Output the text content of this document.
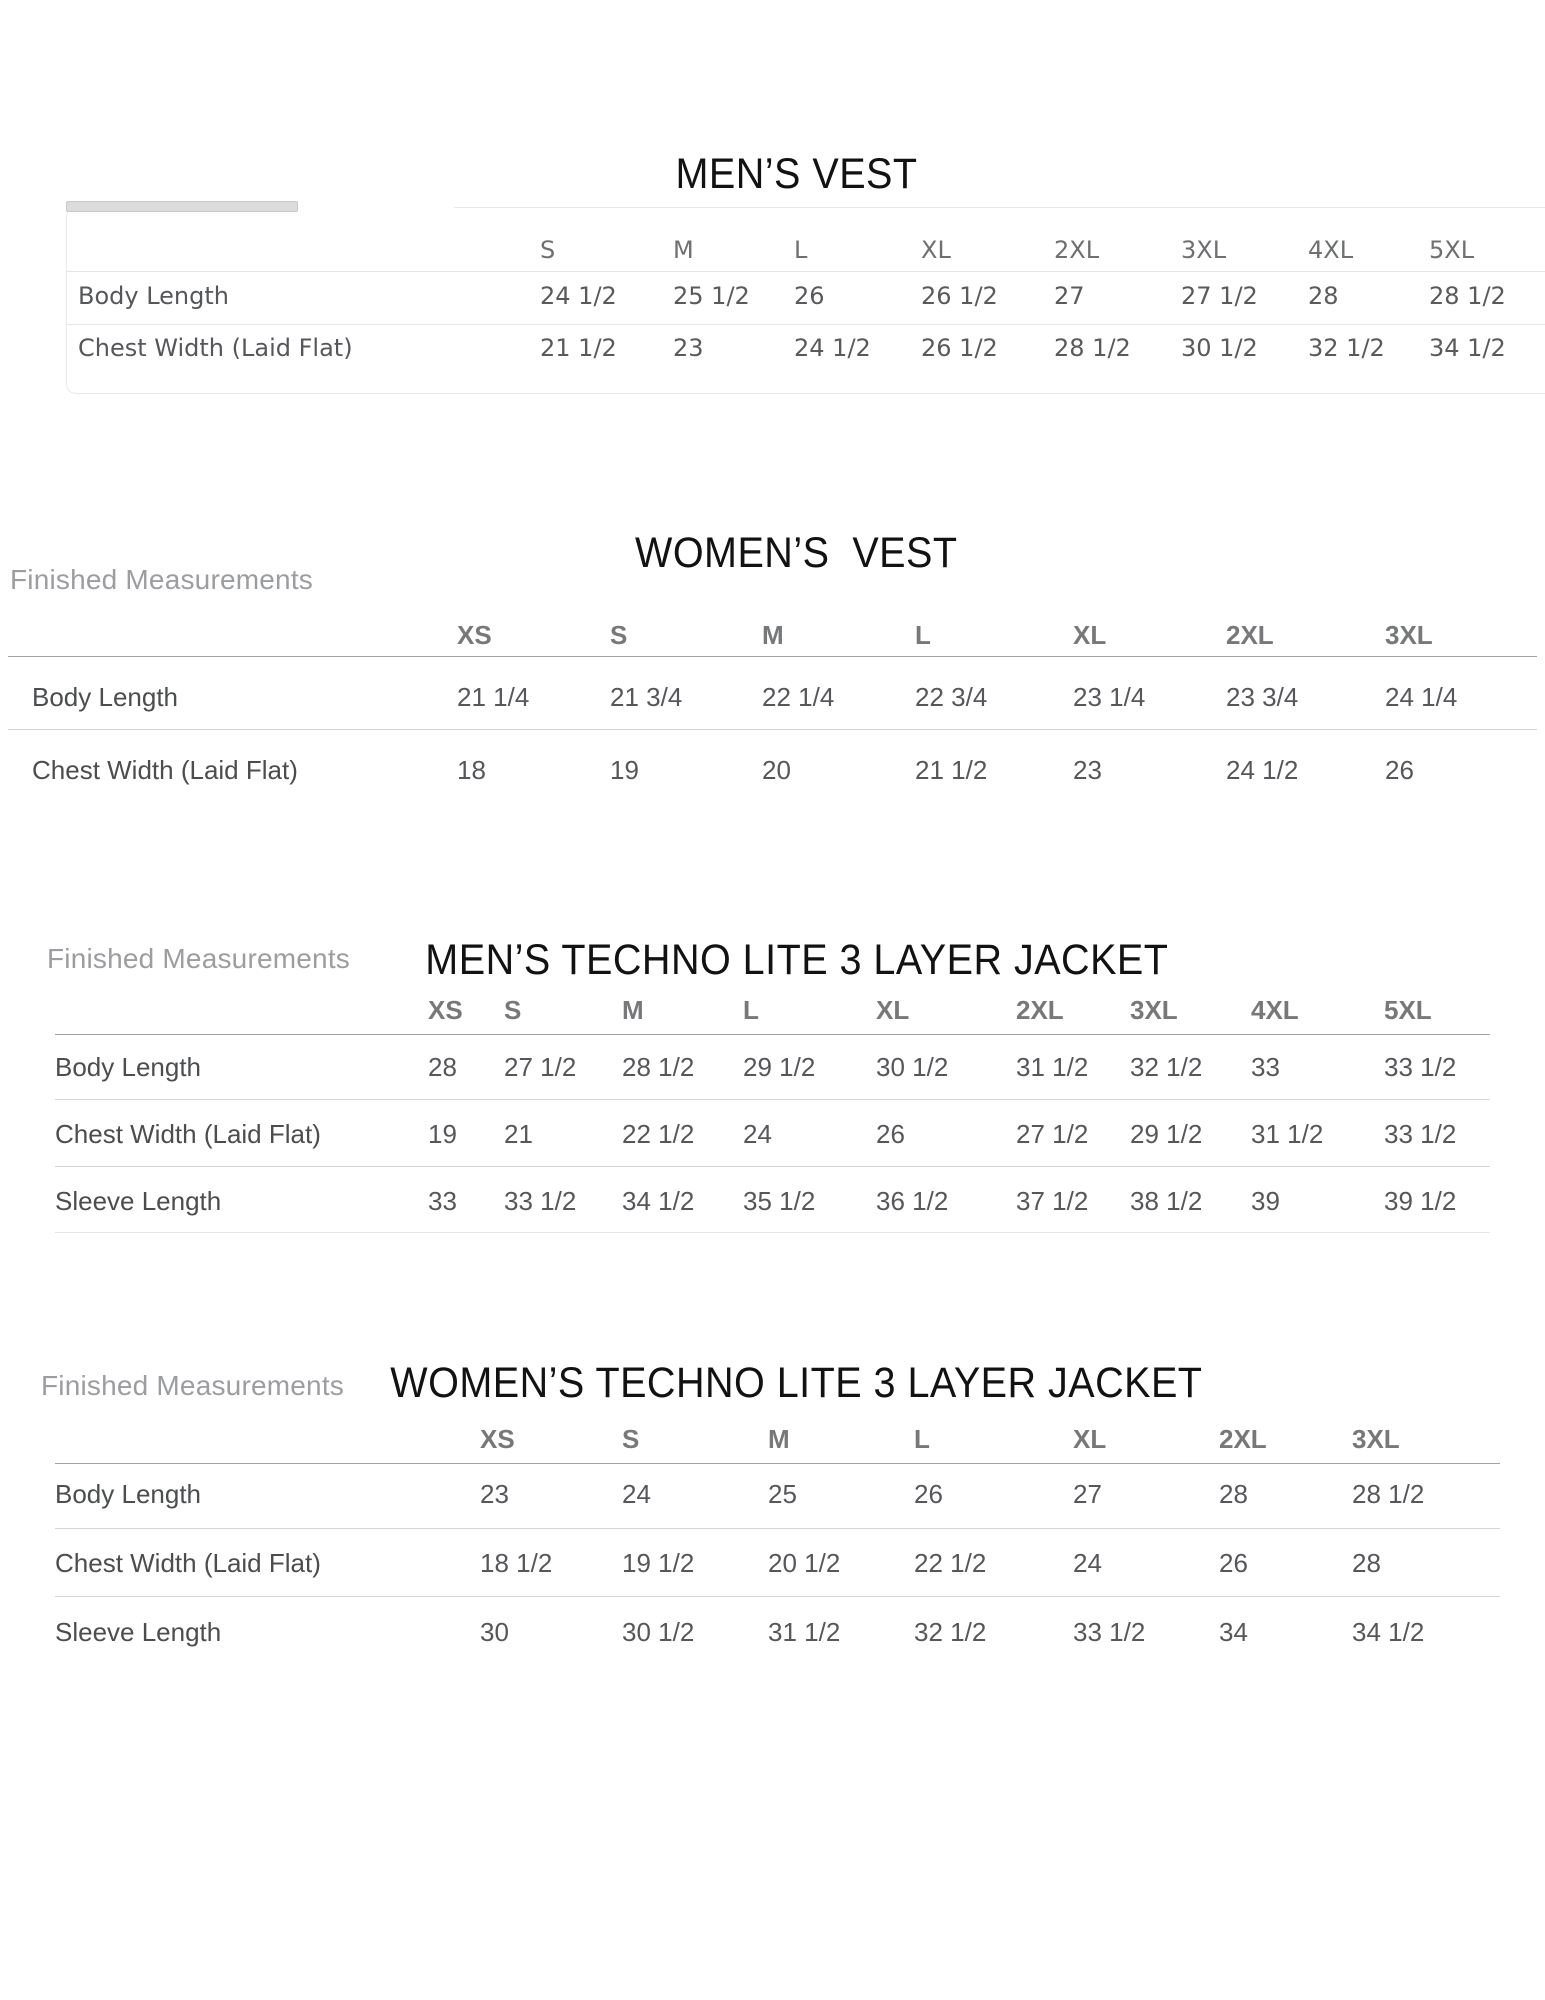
MEN’S VEST

S	M	L	XL	2XL	3XL	4XL	5XL
Body Length	24 1/2	25 1/2	26	26 1/2	27	27 1/2	28	28 1/2
Chest Width (Laid Flat)	21 1/2	23	24 1/2	26 1/2	28 1/2	30 1/2	32 1/2	34 1/2

WOMEN’S  VEST

Finished Measurements
XS	S	M	L	XL	2XL	3XL
Body Length	21 1/4	21 3/4	22 1/4	22 3/4	23 1/4	23 3/4	24 1/4
Chest Width (Laid Flat)	18	19	20	21 1/2	23	24 1/2	26

MEN’S TECHNO LITE 3 LAYER JACKET

Finished Measurements
XS	S	M	L	XL	2XL	3XL	4XL	5XL
Body Length	28	27 1/2	28 1/2	29 1/2	30 1/2	31 1/2	32 1/2	33	33 1/2
Chest Width (Laid Flat)	19	21	22 1/2	24	26	27 1/2	29 1/2	31 1/2	33 1/2
Sleeve Length	33	33 1/2	34 1/2	35 1/2	36 1/2	37 1/2	38 1/2	39	39 1/2

WOMEN’S TECHNO LITE 3 LAYER JACKET

Finished Measurements
XS	S	M	L	XL	2XL	3XL
Body Length	23	24	25	26	27	28	28 1/2
Chest Width (Laid Flat)	18 1/2	19 1/2	20 1/2	22 1/2	24	26	28
Sleeve Length	30	30 1/2	31 1/2	32 1/2	33 1/2	34	34 1/2
